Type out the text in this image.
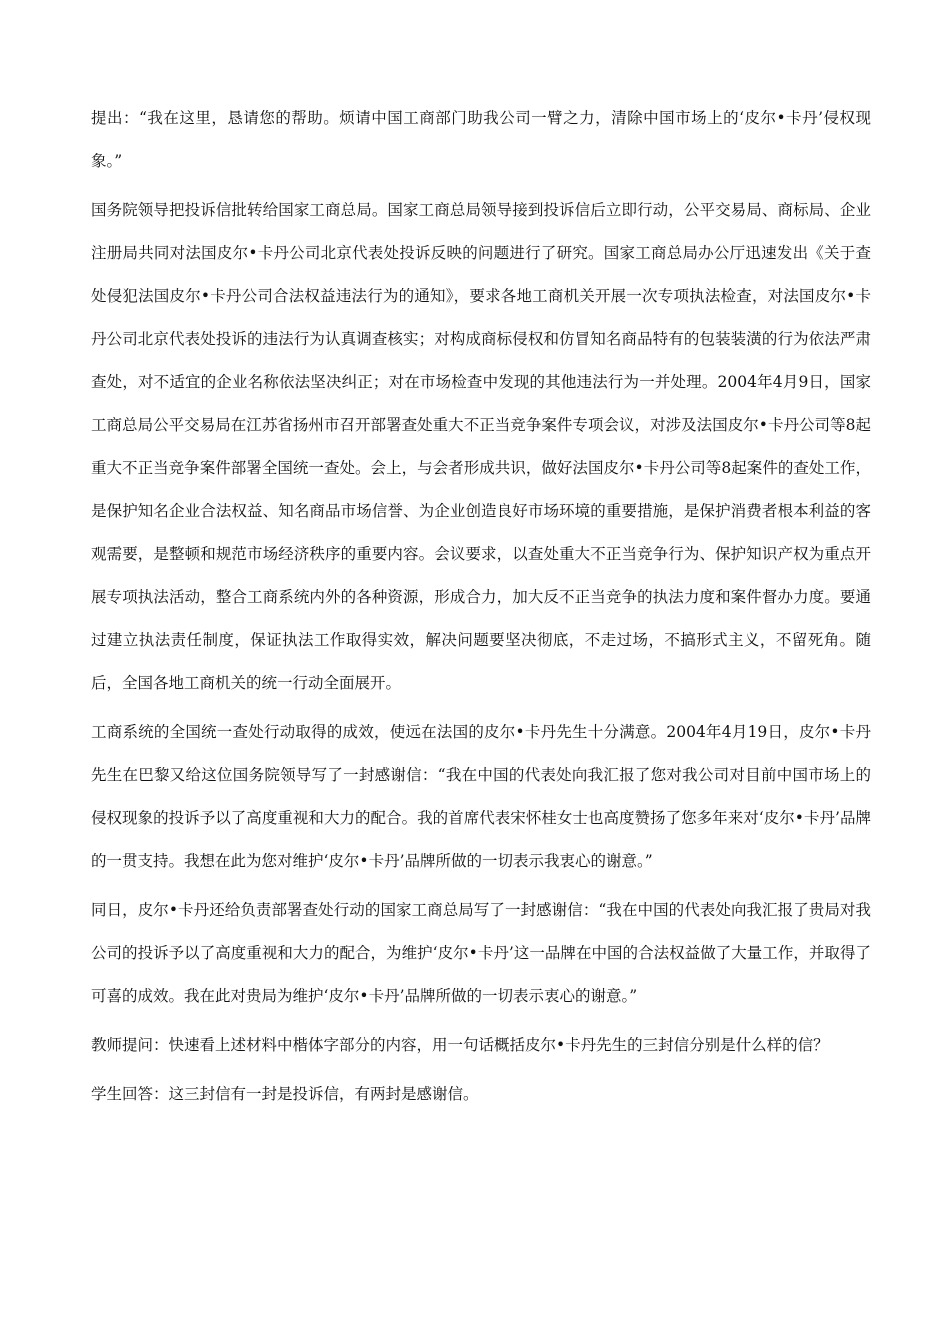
提出：“我在这里，恳请您的帮助。烦请中国工商部门助我公司一臂之力，清除中国市场上的‘皮尔•卡丹’侵权现象。”

国务院领导把投诉信批转给国家工商总局。国家工商总局领导接到投诉信后立即行动，公平交易局、商标局、企业注册局共同对法国皮尔•卡丹公司北京代表处投诉反映的问题进行了研究。国家工商总局办公厅迅速发出《关于查处侵犯法国皮尔•卡丹公司合法权益违法行为的通知》，要求各地工商机关开展一次专项执法检查，对法国皮尔•卡丹公司北京代表处投诉的违法行为认真调查核实；对构成商标侵权和仿冒知名商品特有的包装装潢的行为依法严肃查处，对不适宜的企业名称依法坚决纠正；对在市场检查中发现的其他违法行为一并处理。2004年4月9日，国家工商总局公平交易局在江苏省扬州市召开部署查处重大不正当竞争案件专项会议，对涉及法国皮尔•卡丹公司等8起重大不正当竞争案件部署全国统一查处。会上，与会者形成共识，做好法国皮尔•卡丹公司等8起案件的查处工作，是保护知名企业合法权益、知名商品市场信誉、为企业创造良好市场环境的重要措施，是保护消费者根本利益的客观需要，是整顿和规范市场经济秩序的重要内容。会议要求，以查处重大不正当竞争行为、保护知识产权为重点开展专项执法活动，整合工商系统内外的各种资源，形成合力，加大反不正当竞争的执法力度和案件督办力度。要通过建立执法责任制度，保证执法工作取得实效，解决问题要坚决彻底，不走过场，不搞形式主义，不留死角。随后，全国各地工商机关的统一行动全面展开。

工商系统的全国统一查处行动取得的成效，使远在法国的皮尔•卡丹先生十分满意。2004年4月19日，皮尔•卡丹先生在巴黎又给这位国务院领导写了一封感谢信：“我在中国的代表处向我汇报了您对我公司对目前中国市场上的侵权现象的投诉予以了高度重视和大力的配合。我的首席代表宋怀桂女士也高度赞扬了您多年来对‘皮尔•卡丹’品牌的一贯支持。我想在此为您对维护‘皮尔•卡丹’品牌所做的一切表示我衷心的谢意。”

同日，皮尔•卡丹还给负责部署查处行动的国家工商总局写了一封感谢信：“我在中国的代表处向我汇报了贵局对我公司的投诉予以了高度重视和大力的配合，为维护‘皮尔•卡丹’这一品牌在中国的合法权益做了大量工作，并取得了可喜的成效。我在此对贵局为维护‘皮尔•卡丹’品牌所做的一切表示衷心的谢意。”

教师提问：快速看上述材料中楷体字部分的内容，用一句话概括皮尔•卡丹先生的三封信分别是什么样的信？

学生回答：这三封信有一封是投诉信，有两封是感谢信。
